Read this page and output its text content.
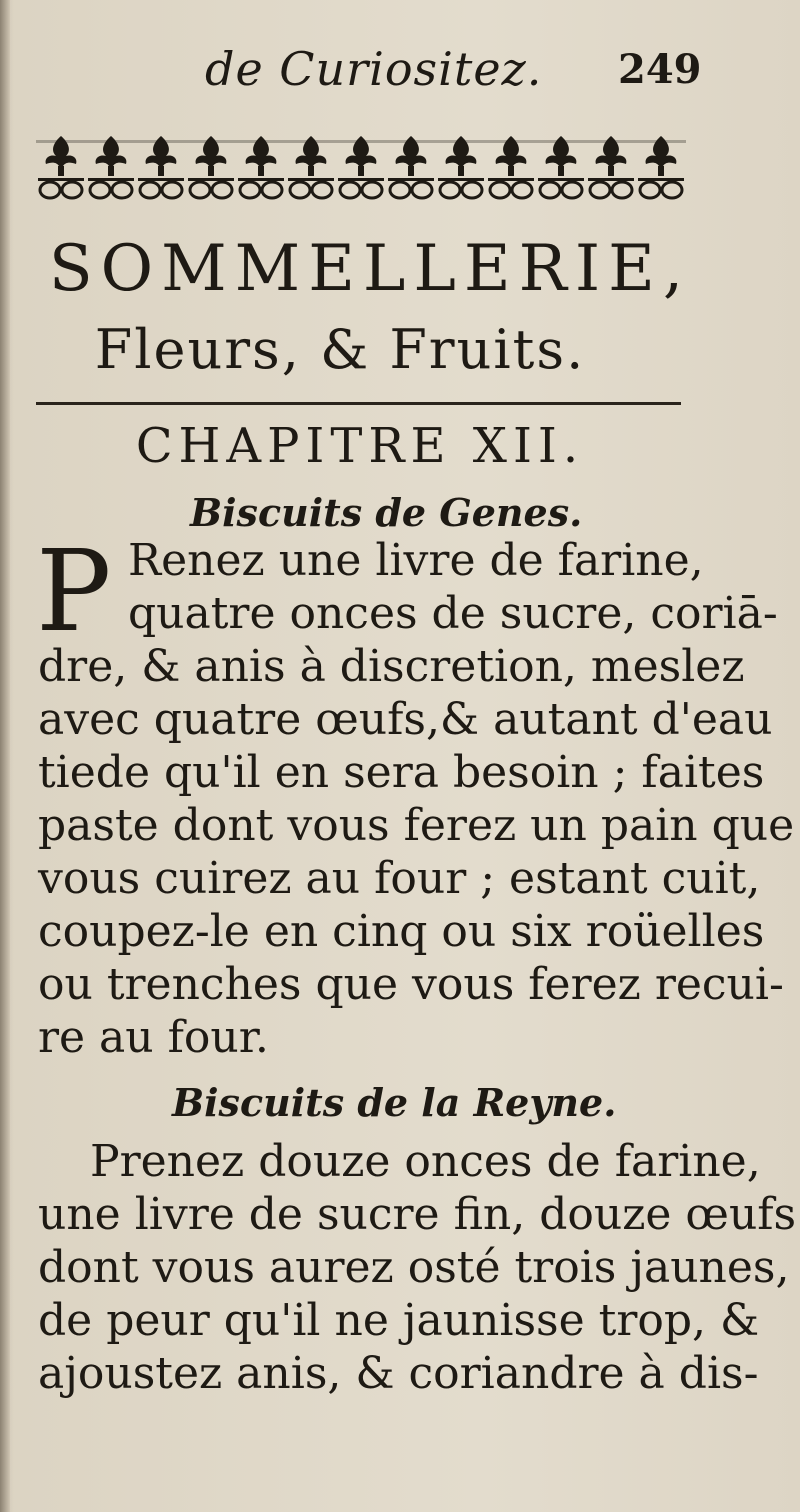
de Curiositez. 249
SOMMELLERIE,
Fleurs, & Fruits.
CHAPITRE XII.
Biscuits de Genes.
P Renez une livre de farine,
quatre onces de sucre, coriā-
dre, & anis à discretion, meslez
avec quatre œufs,& autant d'eau
tiede qu'il en sera besoin ; faites
paste dont vous ferez un pain que
vous cuirez au four ; estant cuit,
coupez-le en cinq ou six roüelles
ou trenches que vous ferez recui-
re au four.
Biscuits de la Reyne.
Prenez douze onces de farine,
une livre de sucre fin, douze œufs
dont vous aurez osté trois jaunes,
de peur qu'il ne jaunisse trop, &
ajoustez anis, & coriandre à dis-
